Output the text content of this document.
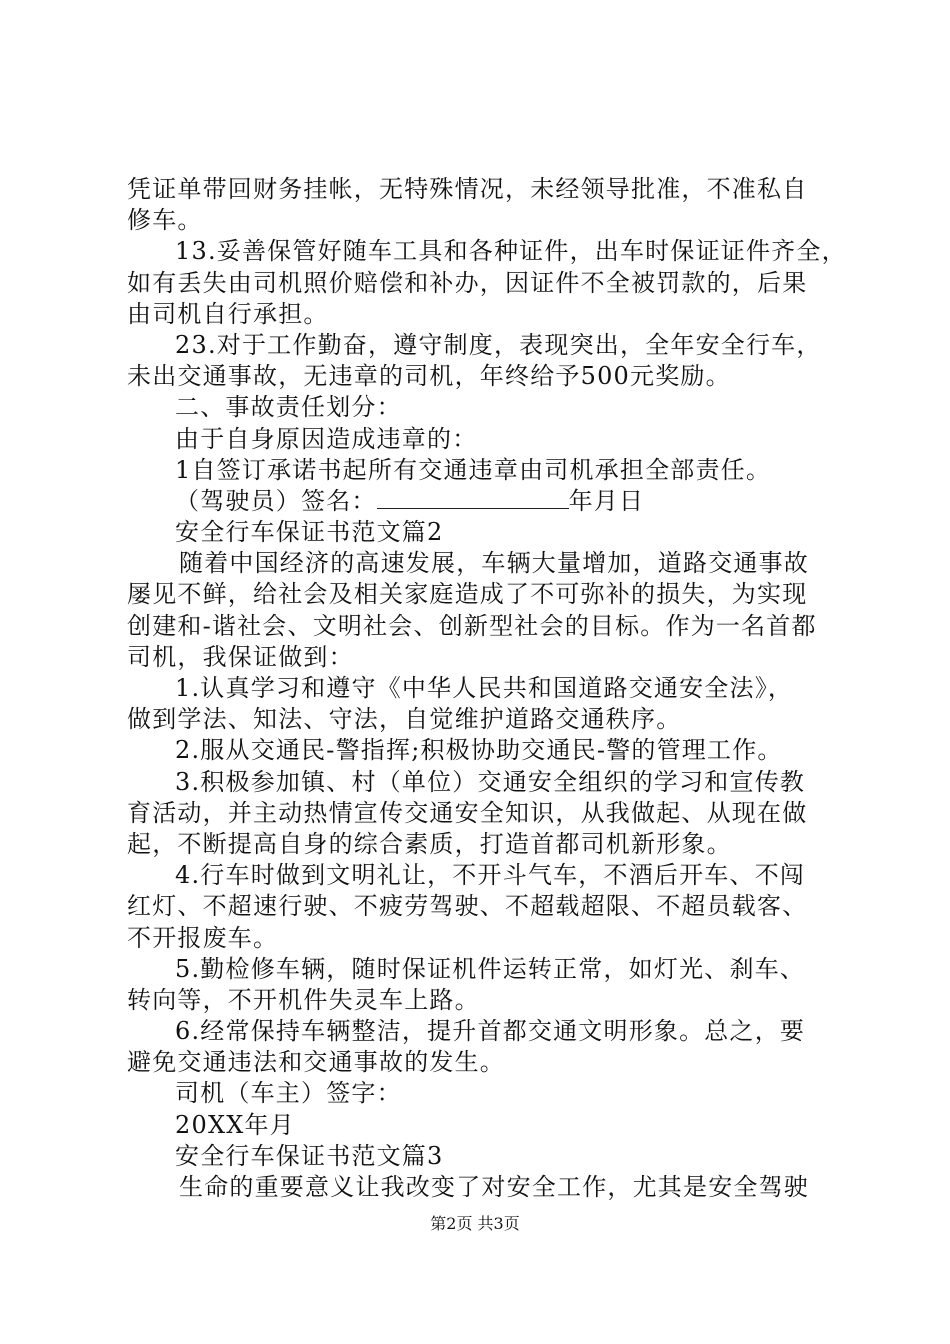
凭证单带回财务挂帐，无特殊情况，未经领导批准，不准私自
修车。
13.妥善保管好随车工具和各种证件，出车时保证证件齐全，
如有丢失由司机照价赔偿和补办，因证件不全被罚款的，后果
由司机自行承担。
23.对于工作勤奋，遵守制度，表现突出，全年安全行车，
未出交通事故，无违章的司机，年终给予500元奖励。
二、事故责任划分：
由于自身原因造成违章的：
1自签订承诺书起所有交通违章由司机承担全部责任。
（驾驶员）签名：	年月日
安全行车保证书范文篇2
随着中国经济的高速发展，车辆大量增加，道路交通事故
屡见不鲜，给社会及相关家庭造成了不可弥补的损失，为实现
创建和-谐社会、文明社会、创新型社会的目标。作为一名首都
司机，我保证做到：
1.认真学习和遵守《中华人民共和国道路交通安全法》，
做到学法、知法、守法，自觉维护道路交通秩序。
2.服从交通民-警指挥;积极协助交通民-警的管理工作。
3.积极参加镇、村（单位）交通安全组织的学习和宣传教
育活动，并主动热情宣传交通安全知识，从我做起、从现在做
起，不断提高自身的综合素质，打造首都司机新形象。
4.行车时做到文明礼让，不开斗气车，不酒后开车、不闯
红灯、不超速行驶、不疲劳驾驶、不超载超限、不超员载客、
不开报废车。
5.勤检修车辆，随时保证机件运转正常，如灯光、刹车、
转向等，不开机件失灵车上路。
6.经常保持车辆整洁，提升首都交通文明形象。总之，要
避免交通违法和交通事故的发生。
司机（车主）签字：
20XX年月
安全行车保证书范文篇3
生命的重要意义让我改变了对安全工作，尤其是安全驾驶
第2页 共3页
